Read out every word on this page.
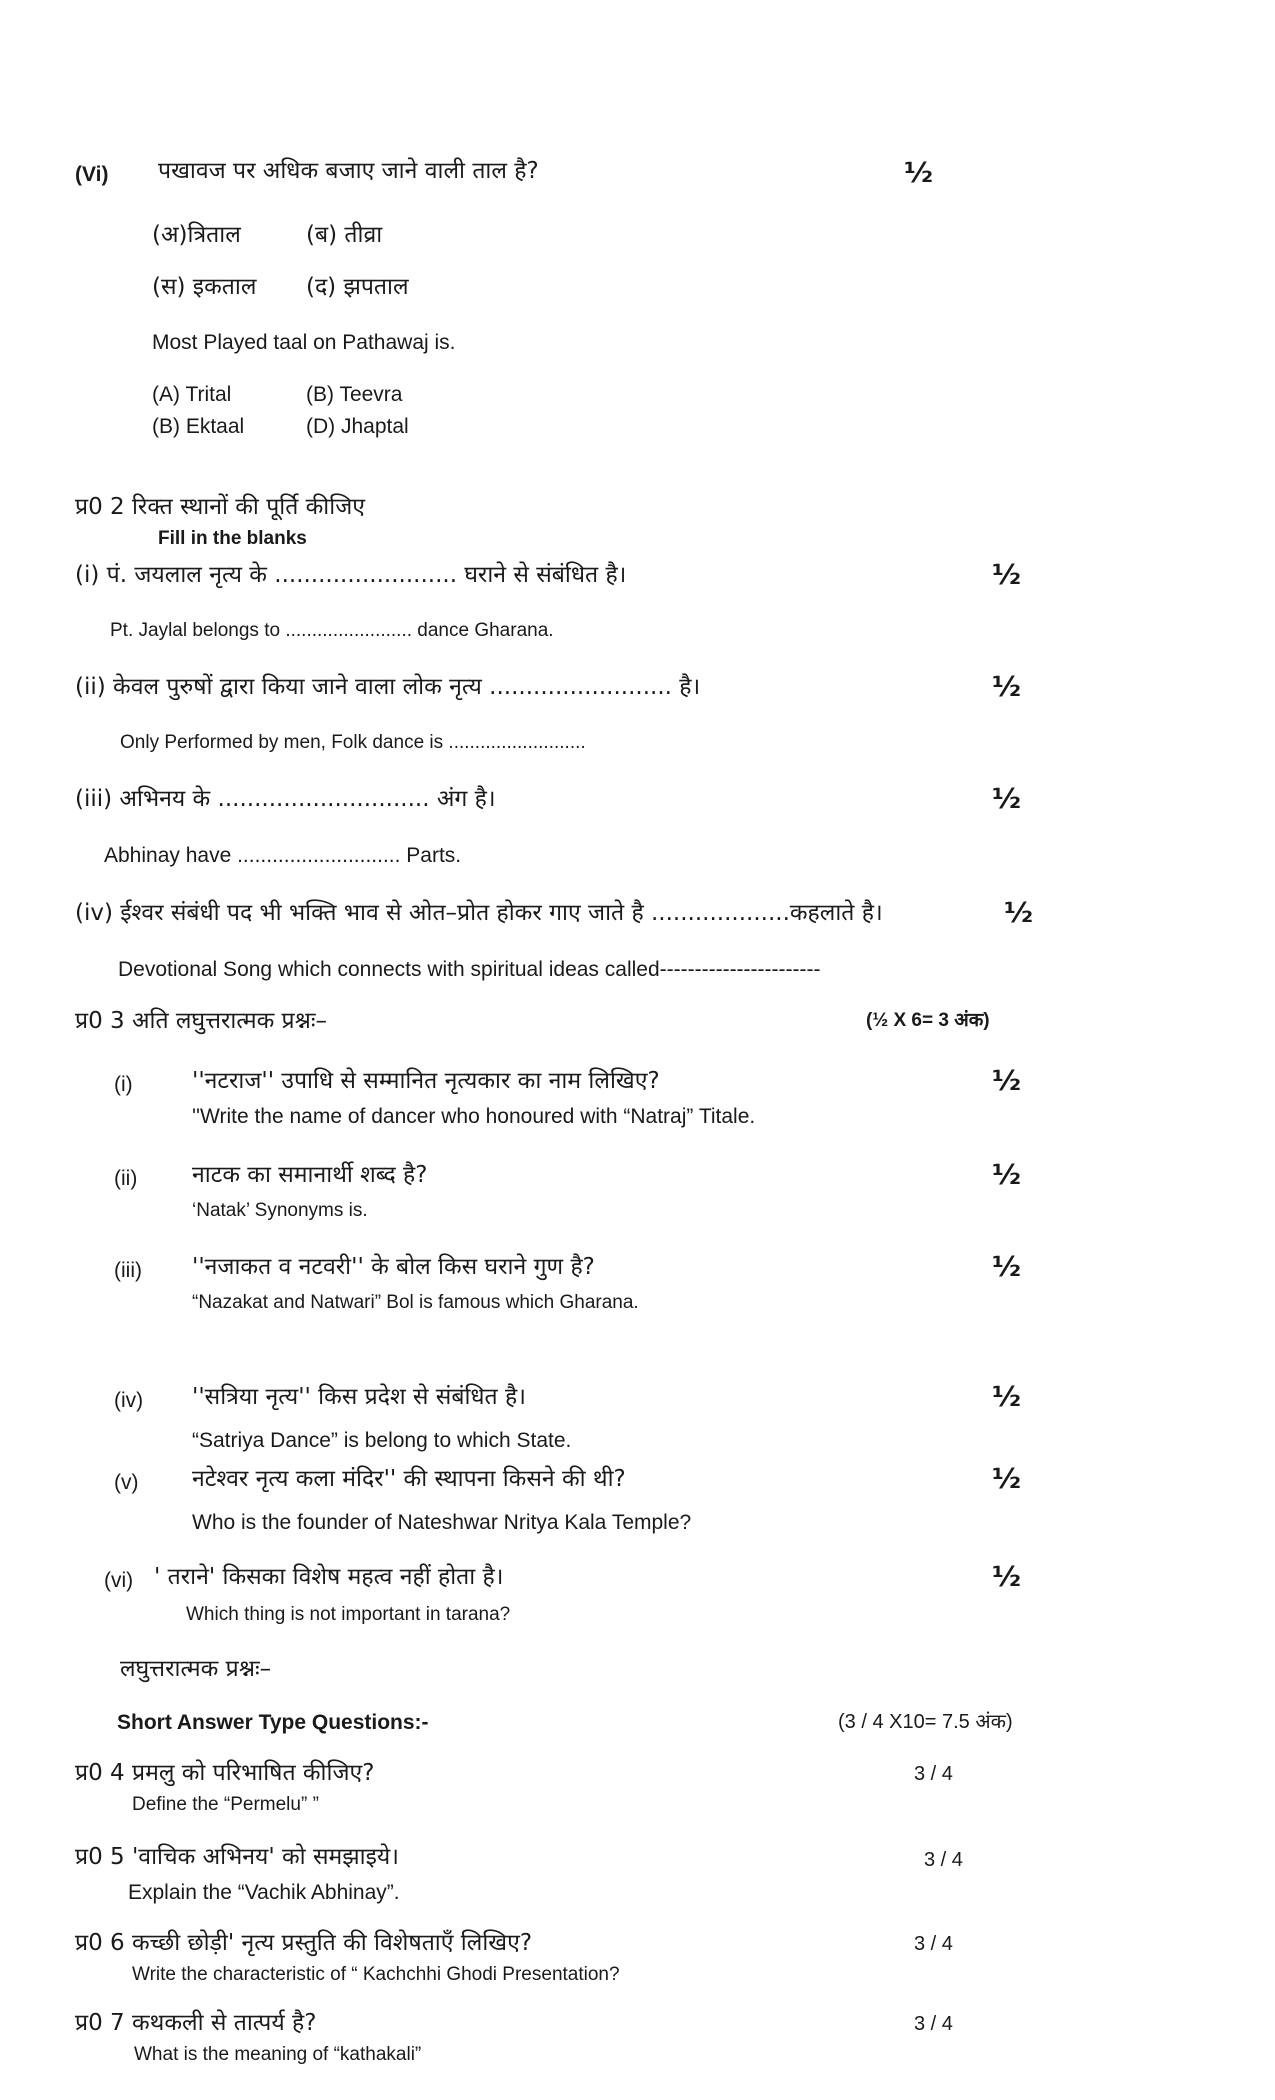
(Vi) पखावज पर अधिक बजाए जाने वाली ताल है?	½
(अ)त्रिताल	(ब) तीव्रा
(स) इकताल (द) झपताल
Most Played taal on Pathawaj is.
(A) Trital	(B) Teevra
(B) Ektaal	(D) Jhaptal
प्र0 2 रिक्त स्थानों की पूर्ति कीजिए
Fill in the blanks
(i) पं. जयलाल नृत्य के ......................... घराने से संबंधित है।	½
Pt. Jaylal belongs to ........................ dance Gharana.
(ii) केवल पुरुषों द्वारा किया जाने वाला लोक नृत्य ......................... है।	½
Only Performed by men, Folk dance is ..........................
(iii) अभिनय के ............................. अंग है।	½
Abhinay have ............................ Parts.
(iv) ईश्वर संबंधी पद भी भक्ति भाव से ओत–प्रोत होकर गाए जाते है ...................कहलाते है।	½
Devotional Song which connects with spiritual ideas called-----------------------
प्र0 3 अति लघुत्तरात्मक प्रश्नः–	(½ X 6= 3 अंक)
(i)	''नटराज'' उपाधि से सम्मानित नृत्यकार का नाम लिखिए?	½
''Write the name of dancer who honoured with “Natraj” Titale.
(ii) नाटक का समानार्थी शब्द है?	½
‘Natak’ Synonyms is.
(iii) ''नजाकत व नटवरी'' के बोल किस घराने गुण है?	½
“Nazakat and Natwari” Bol is famous which Gharana.
(iv) ''सत्रिया नृत्य'' किस प्रदेश से संबंधित है।	½
“Satriya Dance” is belong to which State.
(v) नटेश्वर नृत्य कला मंदिर'' की स्थापना किसने की थी?	½
Who is the founder of Nateshwar Nritya Kala Temple?
(vi) ' तराने' किसका विशेष महत्व नहीं होता है।	½
Which thing is not important in tarana?
लघुत्तरात्मक प्रश्नः–
Short Answer Type Questions:-	(3 / 4 X10= 7.5 अंक)
प्र0 4 प्रमलु को परिभाषित कीजिए?	3 / 4
Define the “Permelu” ”
प्र0 5 'वाचिक अभिनय' को समझाइये।	3 / 4
Explain the “Vachik Abhinay”.
प्र0 6 कच्छी छोड़ी' नृत्य प्रस्तुति की विशेषताएँ लिखिए?	3 / 4
Write the characteristic of “ Kachchhi Ghodi Presentation?
प्र0 7 कथकली से तात्पर्य है?	3 / 4
What is the meaning of “kathakali”
